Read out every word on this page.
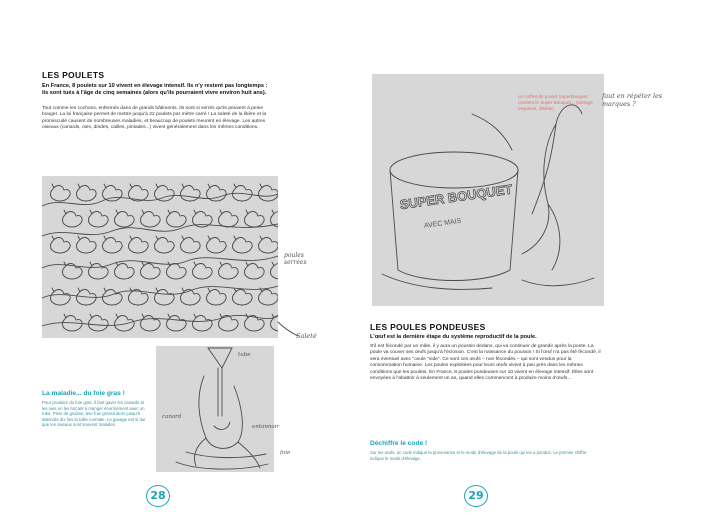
LES POULETS
En France, 8 poulets sur 10 vivent en élevage intensif. Ils n'y restent pas longtemps : ils sont tués à l'âge de cinq semaines (alors qu'ils pourraient vivre environ huit ans).
Tout comme les cochons, enfermés dans de grands bâtiments. Ils sont si serrés qu'ils peuvent à peine bouger. La loi française permet de mettre jusqu'à 22 poulets par mètre carré ! La saleté de la litière et la promiscuité causent de nombreuses maladies, et beaucoup de poulets meurent en élevage. Les autres oiseaux (canards, oies, dindes, cailles, pintades...) vivent généralement dans les mêmes conditions.
poules serrées
Saleté
La maladie... du foie gras !
Pour produire du foie gras, il faut gaver les canards et les oies en les forçant à manger énormément avec un tube. Plein de graisse, leur foie grossit alors jusqu'à atteindre dix fois la taille normale. Le gavage est si dur que les oiseaux sont souvent malades.
tube
canard
entonnoir
foie
28
SUPER BOUQUET
AVEC MAIS
Le coffret de poulet Superbouquet contient le Super Bouquet... (lettrage esquissé, illisible)
faut en répéter les marques ?
LES POULES PONDEUSES
L'œuf est la dernière étape du système reproductif de la poule.
S'il est fécondé par un mâle, il y aura un poussin dedans, qui va continuer de grandir après la ponte. La poule va couver ses œufs jusqu'à l'éclosion. C'est la naissance du poussin ! Si l'œuf n'a pas été fécondé, il sera éventuel avec "ovule "vide". Ce sont ces œufs – non fécondés – qui sont vendus pour la consommation humaine. Les poules exploitées pour leurs œufs vivent à peu près dans les mêmes conditions que les poulets. En France, 8 poules pondeuses sur 10 vivent en élevage intensif. Elles sont envoyées à l'abattoir à seulement un an, quand elles commencent à produire moins d'œufs...
Déchiffre le code !
Sur les œufs, un code indique la provenance et le mode d'élevage de la poule qui les a pondus. Le premier chiffre indique le mode d'élevage.
29
